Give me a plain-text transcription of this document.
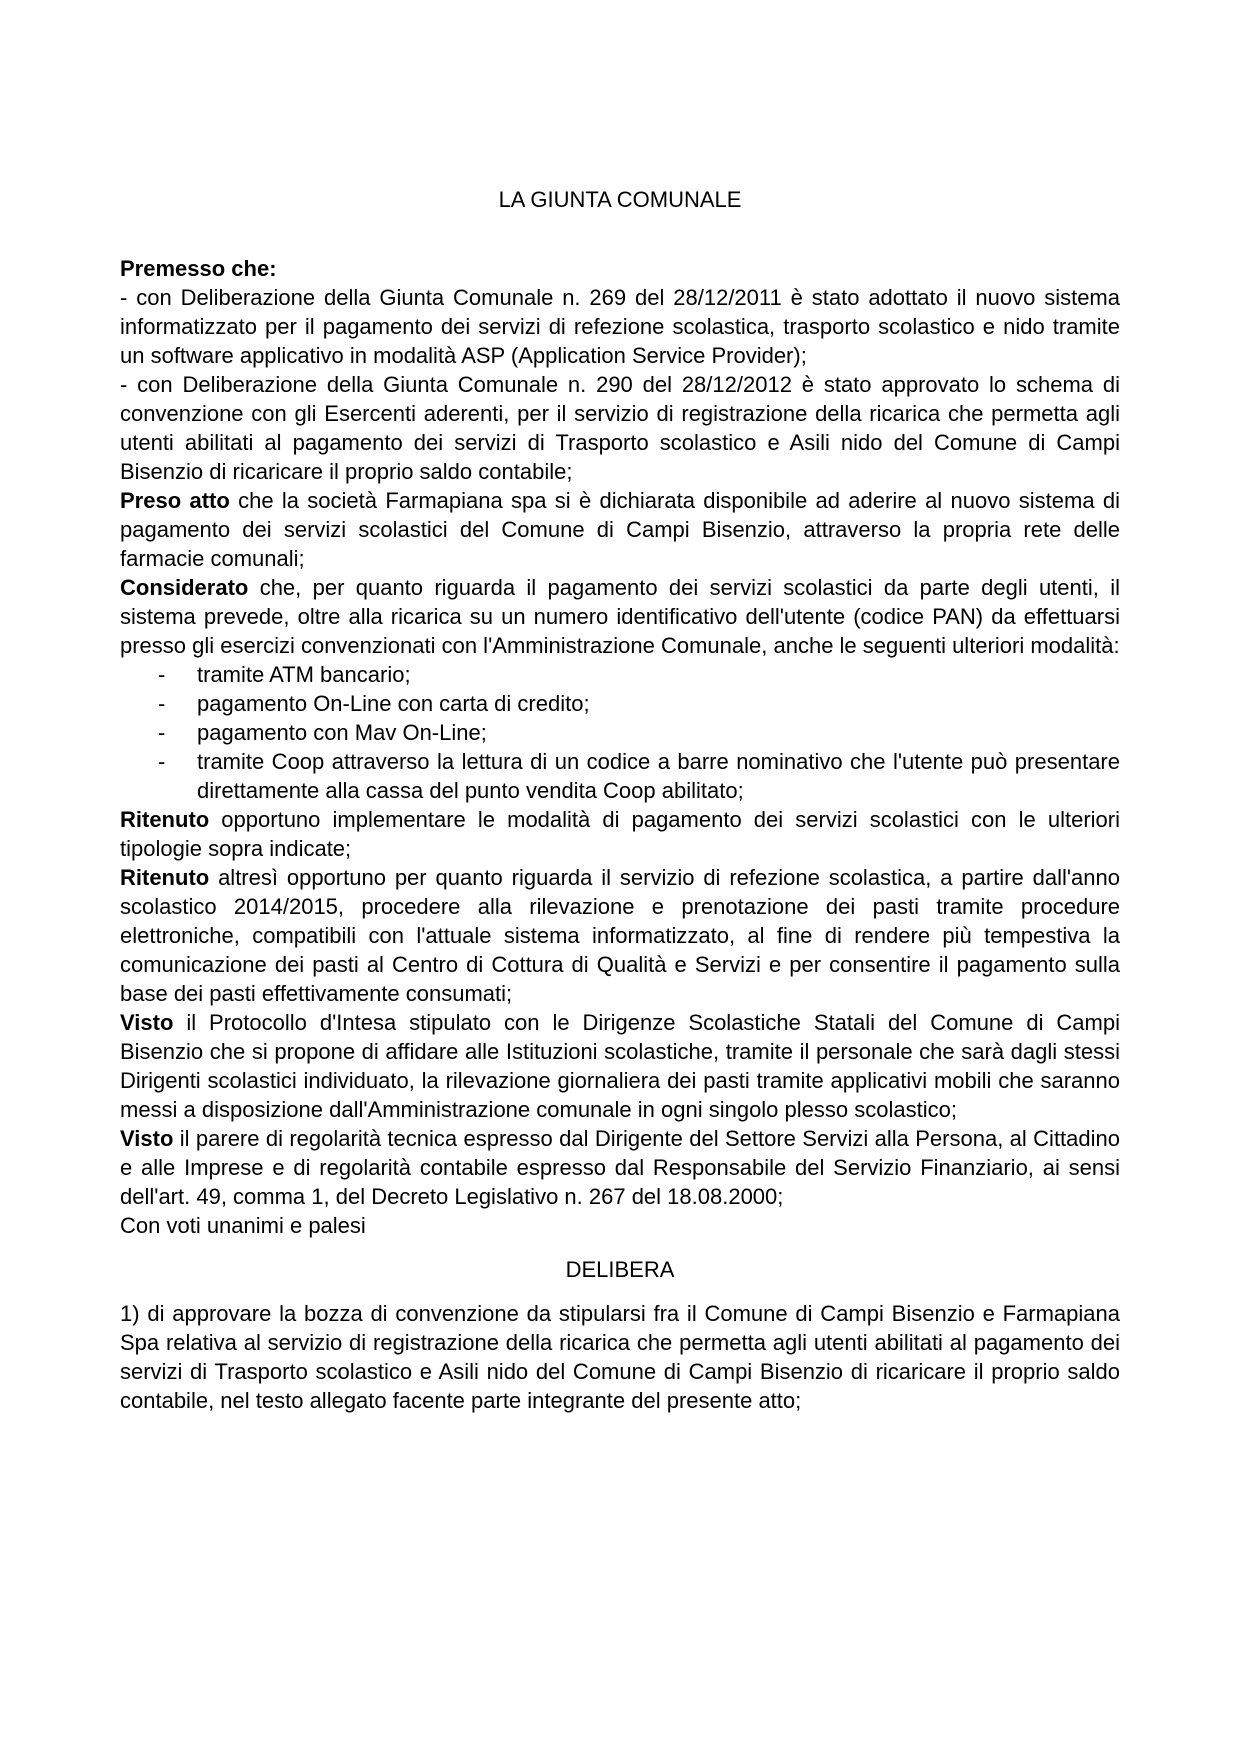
LA GIUNTA COMUNALE

Premesso che:

- con Deliberazione della Giunta Comunale n. 269 del 28/12/2011 è stato adottato il nuovo sistema informatizzato per il pagamento dei servizi di refezione scolastica, trasporto scolastico e nido tramite un software applicativo in modalità ASP (Application Service Provider);

- con Deliberazione della Giunta Comunale n. 290 del 28/12/2012 è stato approvato lo schema di convenzione con gli Esercenti aderenti, per il servizio di registrazione della ricarica che permetta agli utenti abilitati al pagamento dei servizi di Trasporto scolastico e Asili nido del Comune di Campi Bisenzio di ricaricare il proprio saldo contabile;

Preso atto che la società Farmapiana spa si è dichiarata disponibile ad aderire al nuovo sistema di pagamento dei servizi scolastici del Comune di Campi Bisenzio, attraverso la propria rete delle farmacie comunali;

Considerato che, per quanto riguarda il pagamento dei servizi scolastici da parte degli utenti, il sistema prevede, oltre alla ricarica su un numero identificativo dell'utente (codice PAN) da effettuarsi presso gli esercizi convenzionati con l'Amministrazione Comunale, anche le seguenti ulteriori modalità:

- tramite ATM bancario;
- pagamento On-Line con carta di credito;
- pagamento con Mav On-Line;
- tramite Coop attraverso la lettura di un codice a barre nominativo che l'utente può presentare direttamente alla cassa del punto vendita Coop abilitato;

Ritenuto opportuno implementare le modalità di pagamento dei servizi scolastici con le ulteriori tipologie sopra indicate;

Ritenuto altresì opportuno per quanto riguarda il servizio di refezione scolastica, a partire dall'anno scolastico 2014/2015, procedere alla rilevazione e prenotazione dei pasti tramite procedure elettroniche, compatibili con l'attuale sistema informatizzato, al fine di rendere più tempestiva la comunicazione dei pasti al Centro di Cottura di Qualità e Servizi e per consentire il pagamento sulla base dei pasti effettivamente consumati;

Visto il Protocollo d'Intesa stipulato con le Dirigenze Scolastiche Statali del Comune di Campi Bisenzio che si propone di affidare alle Istituzioni scolastiche, tramite il personale che sarà dagli stessi Dirigenti scolastici individuato, la rilevazione giornaliera dei pasti tramite applicativi mobili che saranno messi a disposizione dall'Amministrazione comunale in ogni singolo plesso scolastico;

Visto il parere di regolarità tecnica espresso dal Dirigente del Settore Servizi alla Persona, al Cittadino e alle Imprese e di regolarità contabile espresso dal Responsabile del Servizio Finanziario, ai sensi dell'art. 49, comma 1, del Decreto Legislativo n. 267 del 18.08.2000;

Con voti unanimi e palesi

DELIBERA

1) di approvare la bozza di convenzione da stipularsi fra il Comune di Campi Bisenzio e Farmapiana Spa relativa al servizio di registrazione della ricarica che permetta agli utenti abilitati al pagamento dei servizi di Trasporto scolastico e Asili nido del Comune di Campi Bisenzio di ricaricare il proprio saldo contabile, nel testo allegato facente parte integrante del presente atto;
